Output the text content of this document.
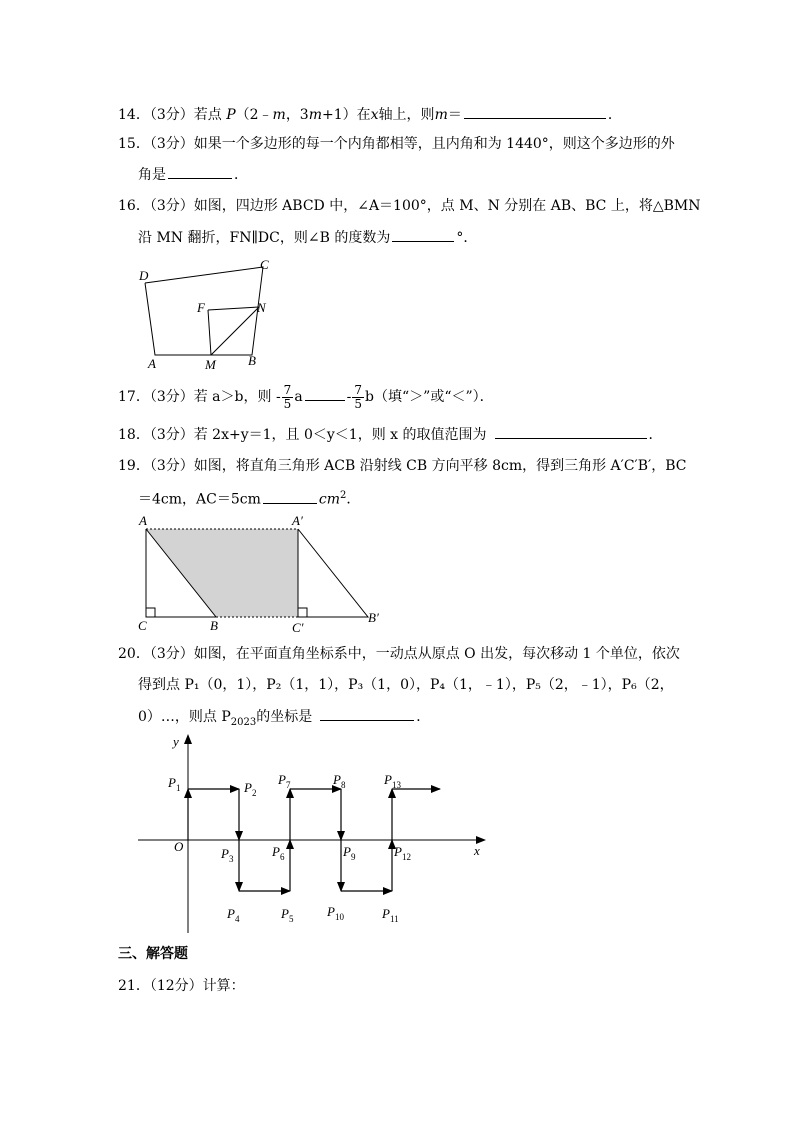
14．（3分）若点 P（2﹣m，3m+1）在x轴上，则m＝	．
15．（3分）如果一个多边形的每一个内角都相等，且内角和为 1440°，则这个多边形的外
角是	．
16．（3分）如图，四边形 ABCD 中，∠A＝100°，点 M、N 分别在 AB、BC 上，将△BMN
沿 MN 翻折，FN∥DC，则∠B 的度数为	°．
D
C
F	N
A	M B
17．（3分）若 a＞b，则 - $\frac{7}{5}$ a	- $\frac{7}{5} b$（填“＞”或“＜”）．
18．（3分）若 2x+y＝1，且 0＜y＜1，则 x 的取值范围为	．
19．（3分）如图，将直角三角形 ACB 沿射线 CB 方向平移 8cm，得到三角形 A′C′B′，BC
＝4cm，AC＝5cm	$cm^2$．
A	A′
C	B	C′
B′
20．（3分）如图，在平面直角坐标系中，一动点从原点 O 出发，每次移动 1 个单位，依次
得到点 P₁（0，1），P₂（1，1），P₃（1，0），P₄（1，﹣1），P₅（2，﹣1），P₆（2，
0）…，则点 $P_{2023}$的坐标是	．
y
x
O
$P_1$	$P_2$
$P_3$
$P_4$	$P_5$
$P_6$
$P_7$	$P_8$
$P_9$
$P_{10}$	$P_{11}$
$P_{12}$
$P_{13}$
三、解答题
21．（12分）计算：
